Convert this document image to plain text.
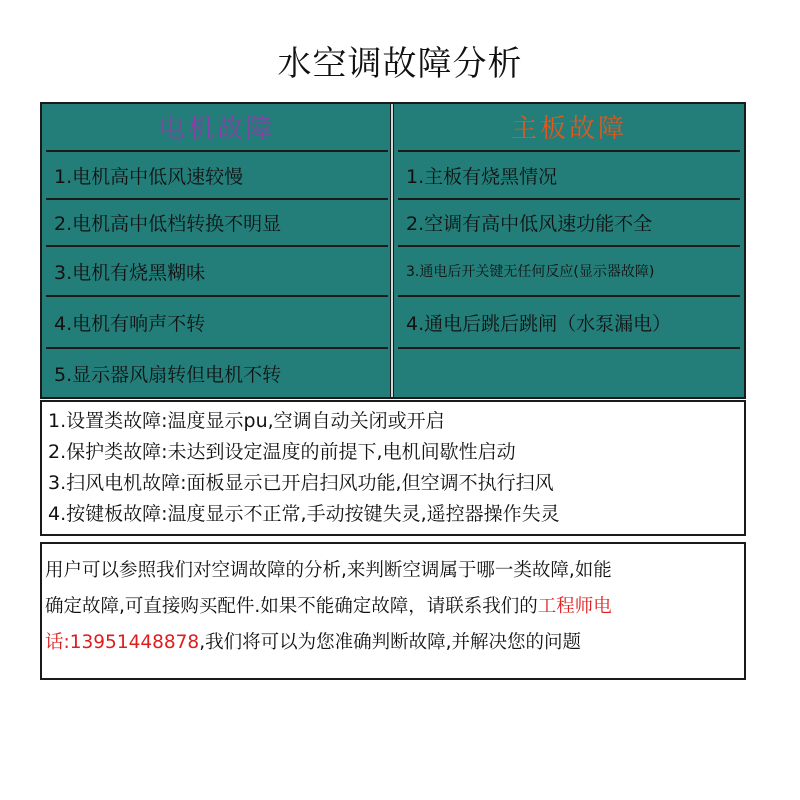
水空调故障分析
电机故障
1.电机高中低风速较慢
2.电机高中低档转换不明显
3.电机有烧黑糊味
4.电机有响声不转
5.显示器风扇转但电机不转
主板故障
1.主板有烧黑情况
2.空调有高中低风速功能不全
3.通电后开关键无任何反应(显示器故障)
4.通电后跳后跳闸（水泵漏电）
1.设置类故障:温度显示pu,空调自动关闭或开启
2.保护类故障:未达到设定温度的前提下,电机间歇性启动
3.扫风电机故障:面板显示已开启扫风功能,但空调不执行扫风
4.按键板故障:温度显示不正常,手动按键失灵,遥控器操作失灵
用户可以参照我们对空调故障的分析,来判断空调属于哪一类故障,如能
确定故障,可直接购买配件.如果不能确定故障，请联系我们的工程师电
话:13951448878,我们将可以为您准确判断故障,并解决您的问题
